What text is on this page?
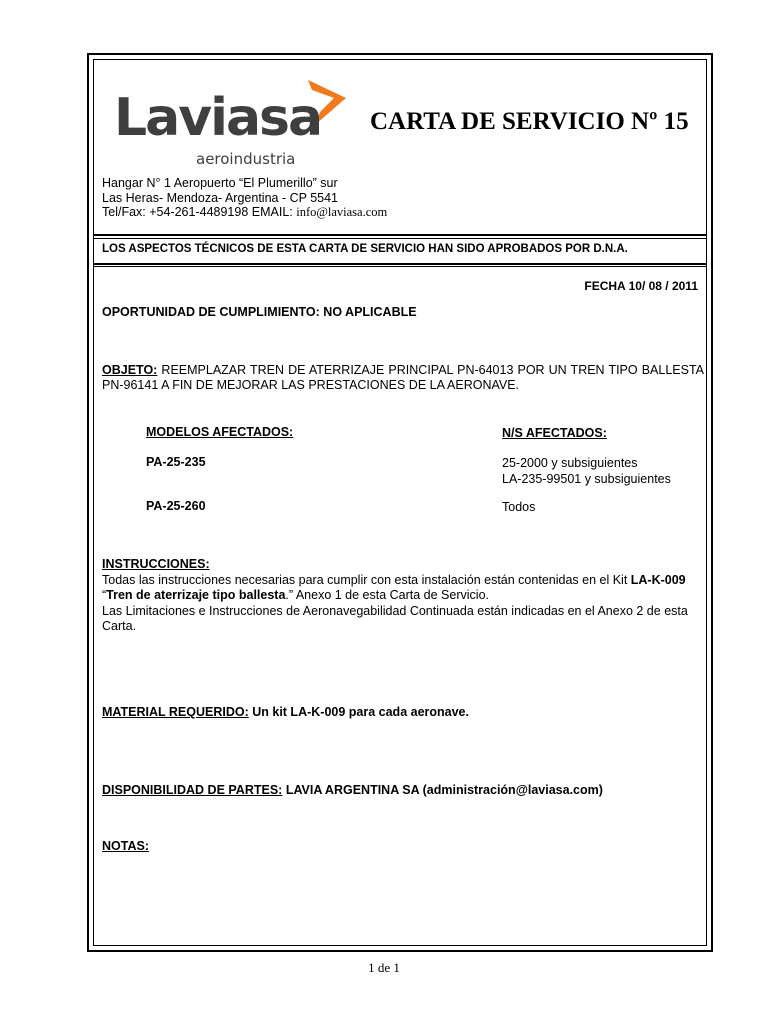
Laviasa
aeroindustria
CARTA DE SERVICIO Nº 15
Hangar N° 1 Aeropuerto “El Plumerillo” sur
Las Heras- Mendoza- Argentina - CP 5541
Tel/Fax: +54-261-4489198 EMAIL: info@laviasa.com
LOS ASPECTOS TÉCNICOS DE ESTA CARTA DE SERVICIO HAN SIDO APROBADOS POR D.N.A.
FECHA 10/ 08 / 2011
OPORTUNIDAD DE CUMPLIMIENTO: NO APLICABLE
OBJETO: REEMPLAZAR TREN DE ATERRIZAJE PRINCIPAL PN-64013 POR UN TREN TIPO BALLESTA PN-96141 A FIN DE MEJORAR LAS PRESTACIONES DE LA AERONAVE.
MODELOS AFECTADOS:	N/S AFECTADOS:
PA-25-235	25-2000 y subsiguientes
LA-235-99501 y subsiguientes
PA-25-260	Todos
INSTRUCCIONES:
Todas las instrucciones necesarias para cumplir con esta instalación están contenidas en el Kit LA-K-009
“Tren de aterrizaje tipo ballesta.” Anexo 1 de esta Carta de Servicio.
Las Limitaciones e Instrucciones de Aeronavegabilidad Continuada están indicadas en el Anexo 2 de esta Carta.
MATERIAL REQUERIDO: Un kit LA-K-009 para cada aeronave.
DISPONIBILIDAD DE PARTES: LAVIA ARGENTINA SA (administración@laviasa.com)
NOTAS:
1 de 1
